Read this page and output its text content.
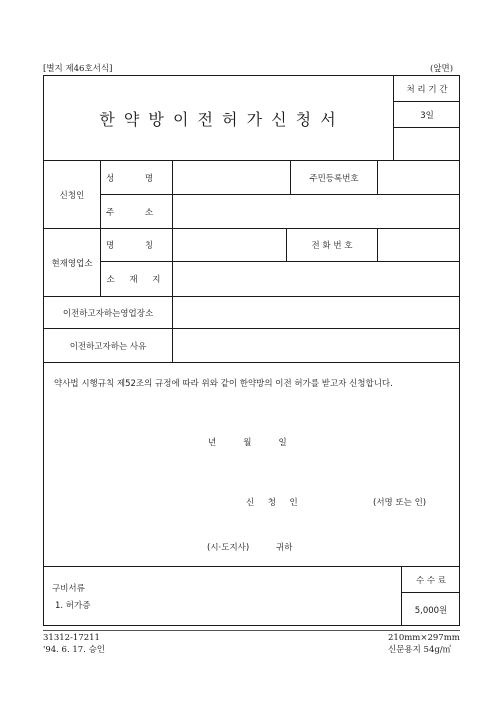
[별지 제46호서식]	(앞면)
한 약 방 이 전 허 가 신 청 서
처 리 기 간
3일
신청인
성 명	주민등록번호
주 소
현재영업소
명 칭	전 화 번 호
소 재 지
이전하고자하는영업장소
이전하고자하는 사유
약사법 시행규칙 제52조의 규정에 따라 위와 같이 한약방의 이전 허가를 받고자 신청합니다.
년          월          일
신     청     인	(서명 또는 인)
(시·도지사)	귀하
구비서류
1. 허가증
수 수 료
5,000원
31312-17211
'94. 6. 17. 승인
210mm×297mm
신문용지 54g/㎡
